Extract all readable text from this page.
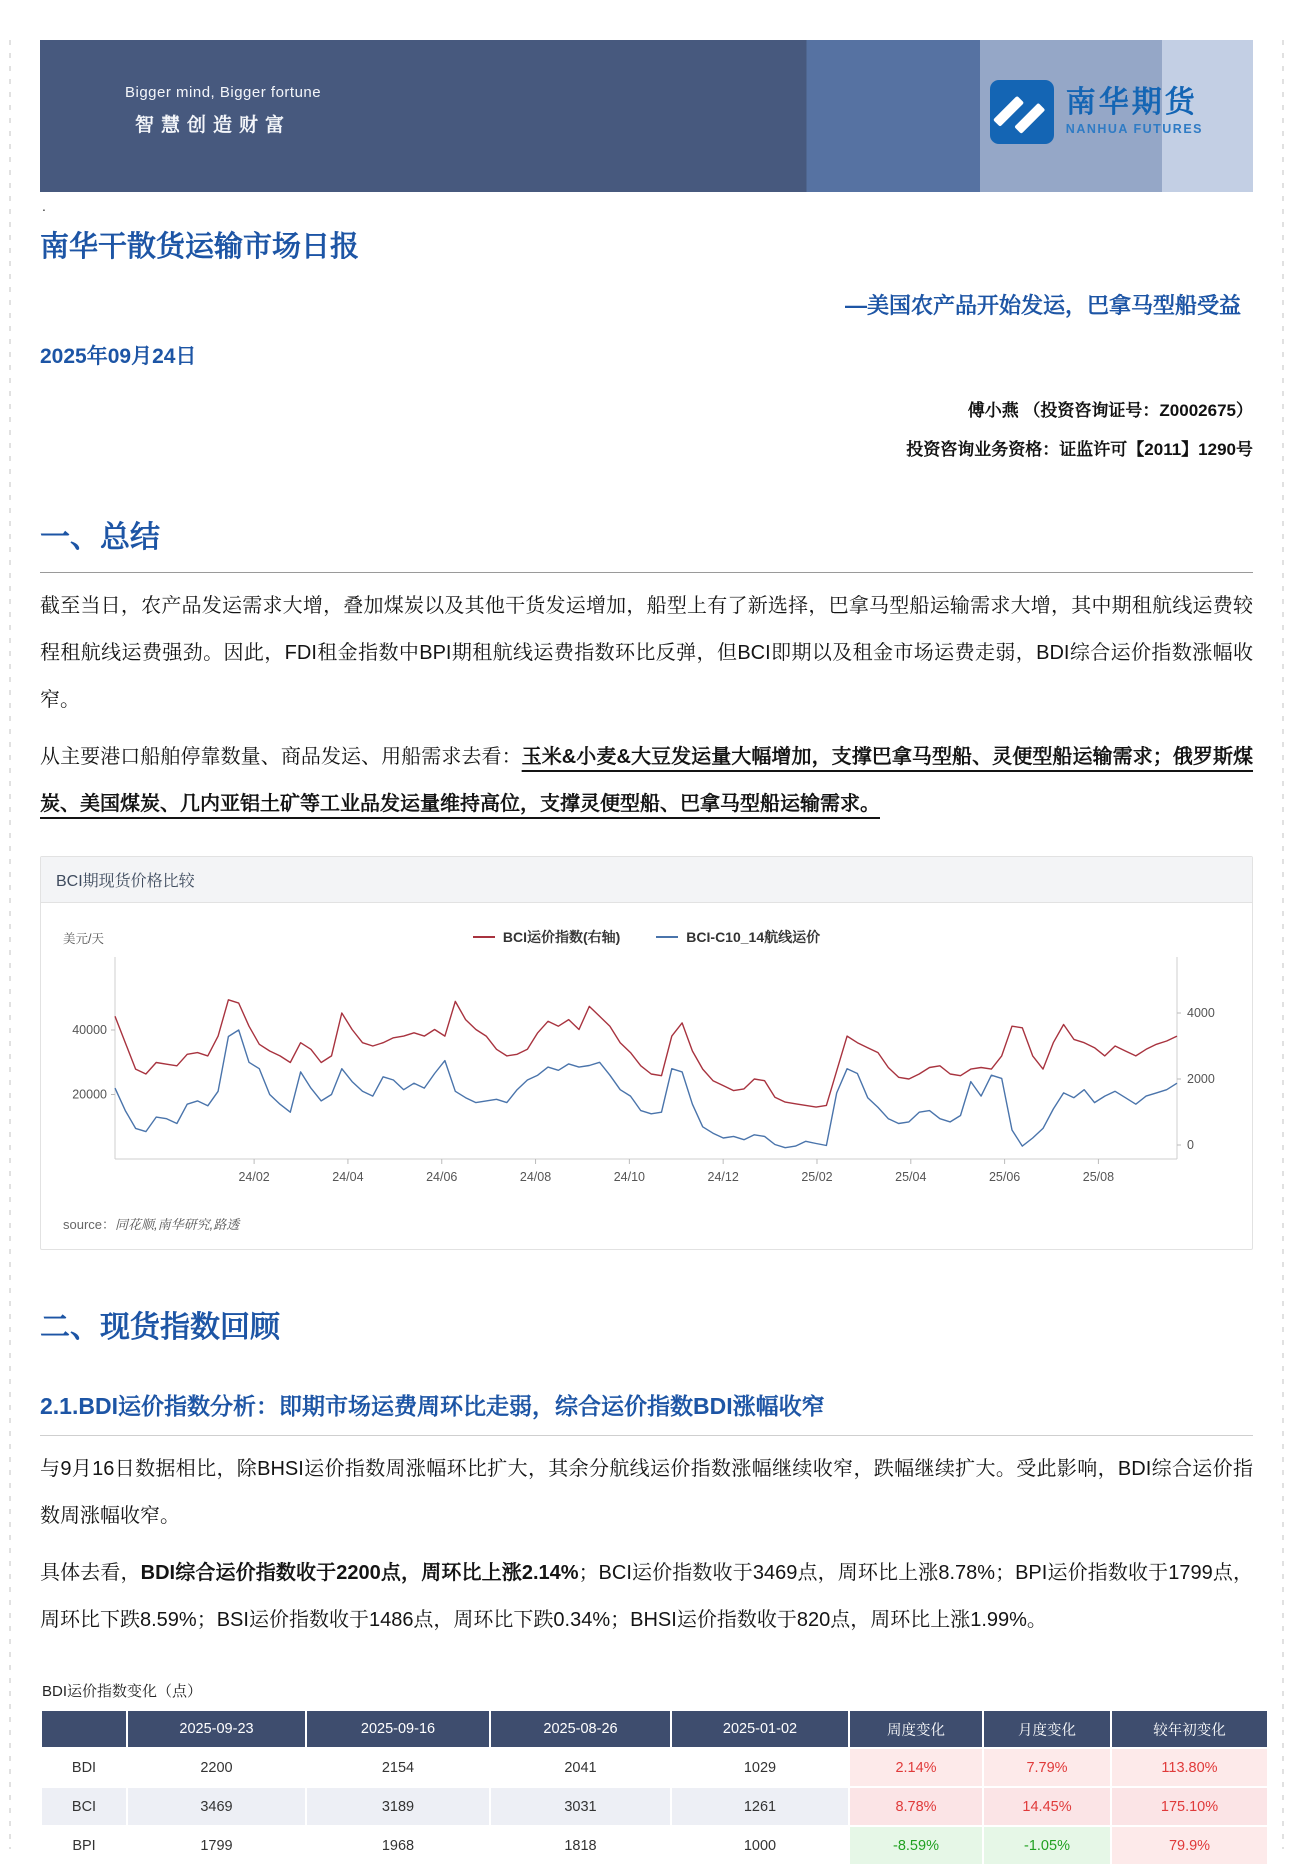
Bigger mind, Bigger fortune
智慧创造财富
南华期货
NANHUA FUTURES
.
南华干散货运输市场日报
—美国农产品开始发运，巴拿马型船受益
2025年09月24日
傅小燕 （投资咨询证号：Z0002675）
投资咨询业务资格：证监许可【2011】1290号
一、总结

截至当日，农产品发运需求大增，叠加煤炭以及其他干货发运增加，船型上有了新选择，巴拿马型船运输需求大增，其中期租航线运费较程租航线运费强劲。因此，FDI租金指数中BPI期租航线运费指数环比反弹，但BCI即期以及租金市场运费走弱，BDI综合运价指数涨幅收窄。

从主要港口船舶停靠数量、商品发运、用船需求去看：玉米&小麦&大豆发运量大幅增加，支撑巴拿马型船、灵便型船运输需求；俄罗斯煤炭、美国煤炭、几内亚铝土矿等工业品发运量维持高位，支撑灵便型船、巴拿马型船运输需求。

BCI期现货价格比较
美元/天	BCI运价指数(右轴)	BCI-C10_14航线运价
40000
20000
4000
2000
0
24/02	24/04	24/06	24/08	24/10	24/12	25/02	25/04	25/06	25/08
source：同花顺,南华研究,路透
二、现货指数回顾
2.1.BDI运价指数分析：即期市场运费周环比走弱，综合运价指数BDI涨幅收窄

与9月16日数据相比，除BHSI运价指数周涨幅环比扩大，其余分航线运价指数涨幅继续收窄，跌幅继续扩大。受此影响，BDI综合运价指数周涨幅收窄。

具体去看，BDI综合运价指数收于2200点，周环比上涨2.14%；BCI运价指数收于3469点，周环比上涨8.78%；BPI运价指数收于1799点，周环比下跌8.59%；BSI运价指数收于1486点，周环比下跌0.34%；BHSI运价指数收于820点，周环比上涨1.99%。

BDI运价指数变化（点）
	2025-09-23	2025-09-16	2025-08-26	2025-01-02	周度变化	月度变化	较年初变化
BDI	2200	2154	2041	1029	2.14%	7.79%	113.80%
BCI	3469	3189	3031	1261	8.78%	14.45%	175.10%
BPI	1799	1968	1818	1000	-8.59%	-1.05%	79.9%
